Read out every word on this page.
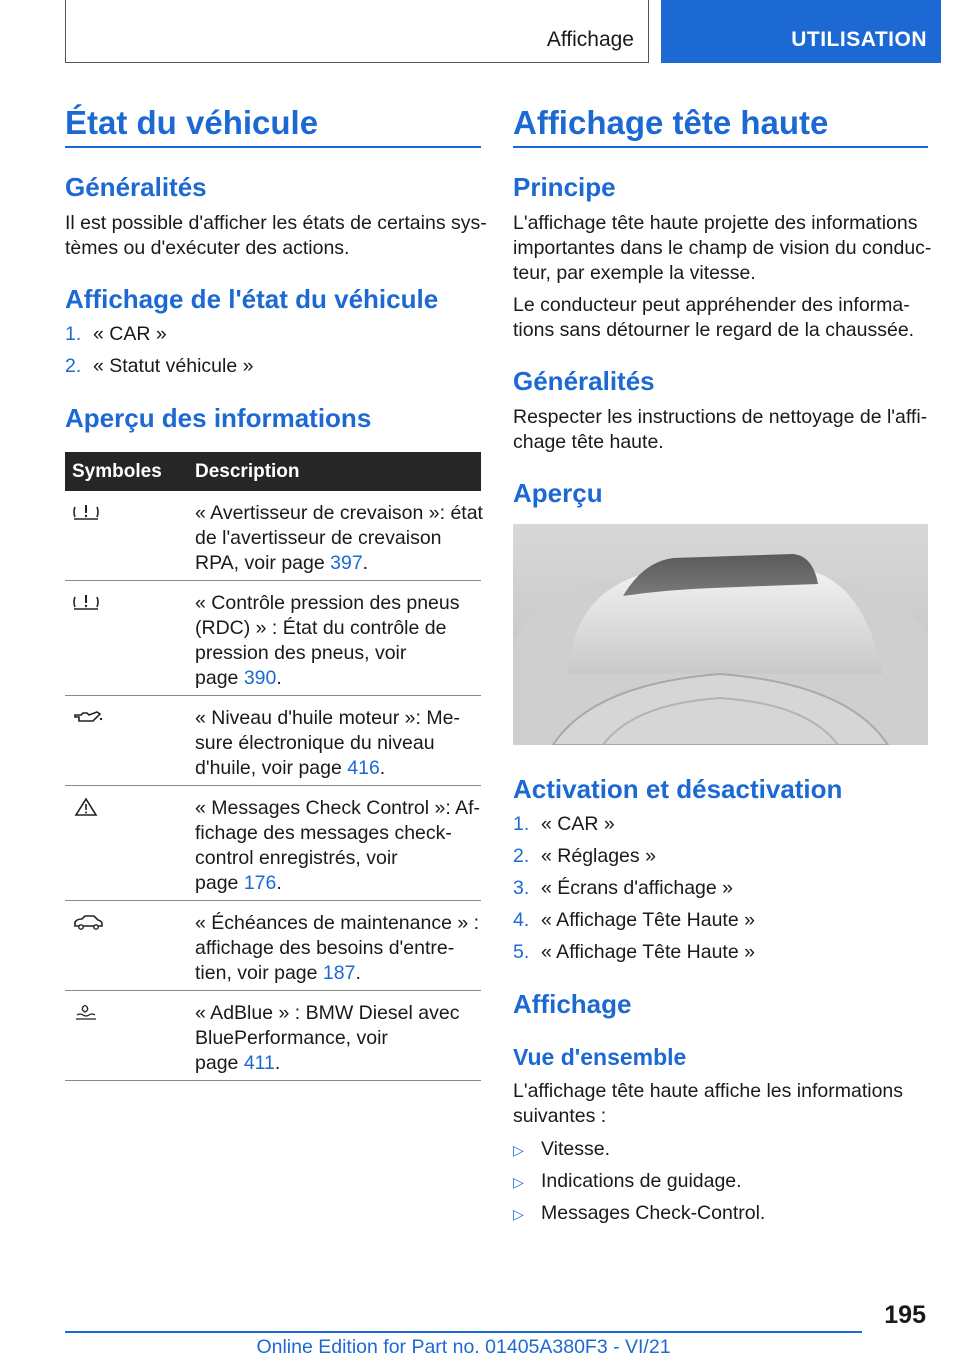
Affichage	UTILISATION
État du véhicule
Généralités
Il est possible d'afficher les états de certains sys-
tèmes ou d'exécuter des actions.
Affichage de l'état du véhicule
1. « CAR »
2. « Statut véhicule »
Aperçu des informations
Symboles Description
« Avertisseur de crevaison »: état
de l'avertisseur de crevaison
RPA, voir page 397.
« Contrôle pression des pneus
(RDC) » : État du contrôle de
pression des pneus, voir
page 390.
« Niveau d'huile moteur »: Me-
sure électronique du niveau
d'huile, voir page 416.
« Messages Check Control »: Af-
fichage des messages check-
control enregistrés, voir
page 176.
« Échéances de maintenance » :
affichage des besoins d'entre-
tien, voir page 187.
« AdBlue » : BMW Diesel avec
BluePerformance, voir
page 411.
Affichage tête haute
Principe
L'affichage tête haute projette des informations
importantes dans le champ de vision du conduc-
teur, par exemple la vitesse.
Le conducteur peut appréhender des informa-
tions sans détourner le regard de la chaussée.
Généralités
Respecter les instructions de nettoyage de l'affi-
chage tête haute.
Aperçu
Activation et désactivation
1. « CAR »
2. « Réglages »
3. « Écrans d'affichage »
4. « Affichage Tête Haute »
5. « Affichage Tête Haute »
Affichage
Vue d'ensemble
L'affichage tête haute affiche les informations
suivantes :
▷ Vitesse.
▷ Indications de guidage.
▷ Messages Check-Control.
195
Online Edition for Part no. 01405A380F3 - VI/21
